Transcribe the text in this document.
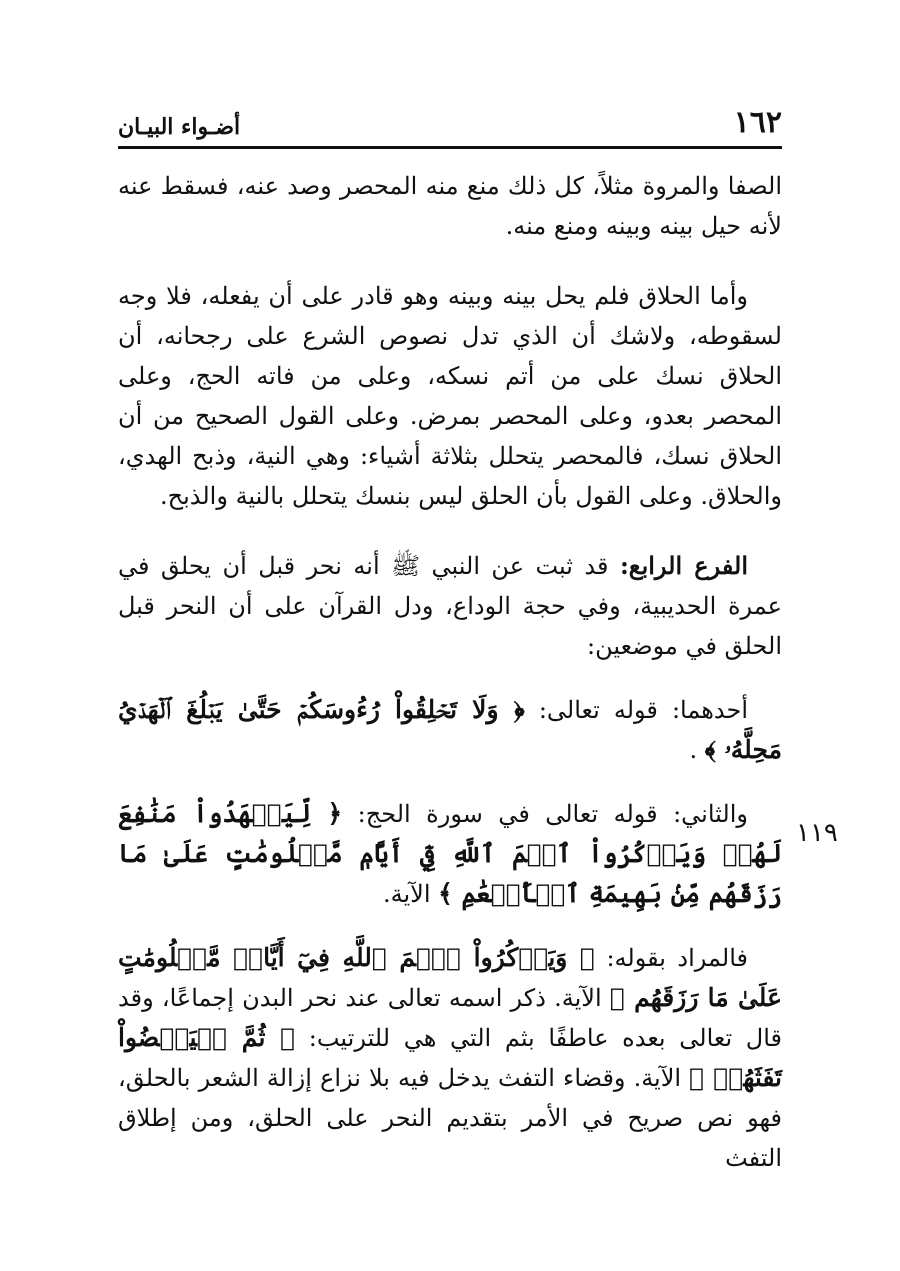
١٦٢
أضـواء البيـان
١١٩

الصفا والمروة مثلاً، كل ذلك منع منه المحصر وصد عنه، فسقط عنه لأنه حيل بينه وبينه ومنع منه.

وأما الحلاق فلم يحل بينه وبينه وهو قادر على أن يفعله، فلا وجه لسقوطه، ولاشك أن الذي تدل نصوص الشرع على رجحانه، أن الحلاق نسك على من أتم نسكه، وعلى من فاته الحج، وعلى المحصر بعدو، وعلى المحصر بمرض. وعلى القول الصحيح من أن الحلاق نسك، فالمحصر يتحلل بثلاثة أشياء: وهي النية، وذبح الهدي، والحلاق. وعلى القول بأن الحلق ليس بنسك يتحلل بالنية والذبح.

الفرع الرابع: قد ثبت عن النبي ﷺ أنه نحر قبل أن يحلق في عمرة الحديبية، وفي حجة الوداع، ودل القرآن على أن النحر قبل الحلق في موضعين:

أحدهما: قوله تعالى: ﴿ وَلَا تَحۡلِقُواْ رُءُوسَكُمۡ حَتَّىٰ يَبۡلُغَ ٱلۡهَدۡيُ مَحِلَّهُۥ ﴾ .

والثاني: قوله تعالى في سورة الحج: ﴿ لِّيَشۡهَدُواْ مَنَٰفِعَ لَهُمۡ وَيَذۡكُرُواْ ٱسۡمَ ٱللَّهِ فِيٓ أَيَّامٖ مَّعۡلُومَٰتٍ عَلَىٰ مَا رَزَقَهُم مِّنۢ بَهِيمَةِ ٱلۡأَنۡعَٰمِ ﴾ الآية.

فالمراد بقوله: ﴿ وَيَذۡكُرُواْ ٱسۡمَ ٱللَّهِ فِيٓ أَيَّامٖ مَّعۡلُومَٰتٍ عَلَىٰ مَا رَزَقَهُم ﴾ الآية. ذكر اسمه تعالى عند نحر البدن إجماعًا، وقد قال تعالى بعده عاطفًا بثم التي هي للترتيب: ﴿ ثُمَّ لۡيَقۡضُواْ تَفَثَهُمۡ ﴾ الآية. وقضاء التفث يدخل فيه بلا نزاع إزالة الشعر بالحلق، فهو نص صريح في الأمر بتقديم النحر على الحلق، ومن إطلاق التفث
